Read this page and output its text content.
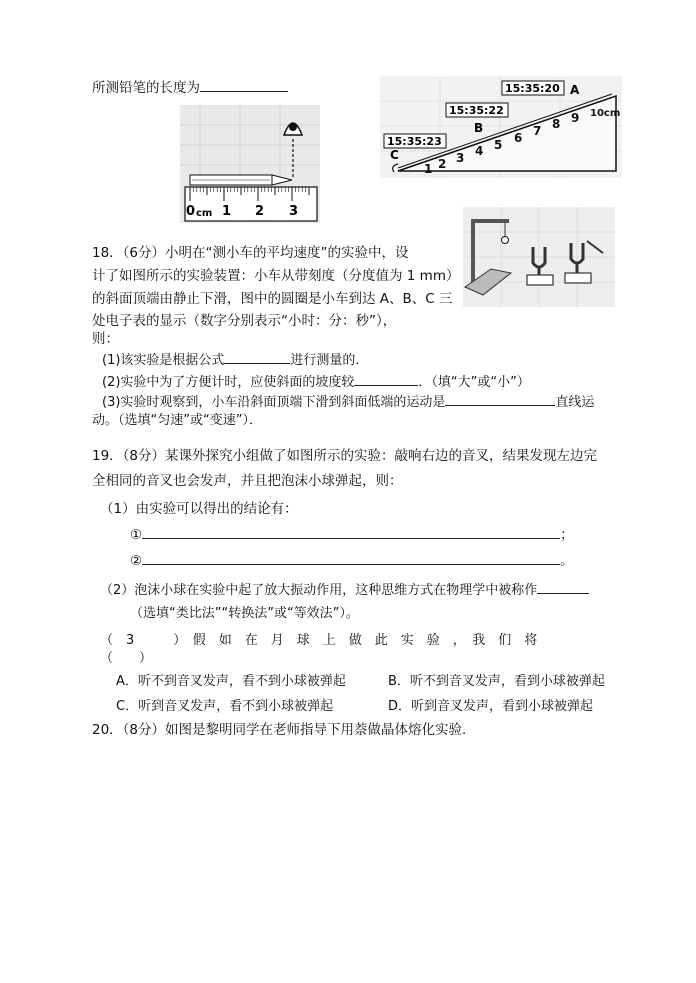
所测铅笔的长度为
0 cm 1 2 3
1 2 3 4 5 6 7 8 9 10cm
15:35:20 A
15:35:22
B
15:35:23
C
18．（6分）小明在“测小车的平均速度”的实验中，设
计了如图所示的实验装置：小车从带刻度（分度值为 1 mm）
的斜面顶端由静止下滑，图中的圆圈是小车到达 A、B、C 三
处电子表的显示（数字分别表示“小时：分：秒”），
则：
(1)该实验是根据公式	进行测量的．
(2)实验中为了方便计时，应使斜面的坡度较	．（填“大”或“小”）
(3)实验时观察到，小车沿斜面顶端下滑到斜面低端的运动是	直线运
动。（选填“匀速”或“变速”）．
19．（8分）某课外探究小组做了如图所示的实验：敲响右边的音叉，结果发现左边完
全相同的音叉也会发声，并且把泡沫小球弹起，则：
（1）由实验可以得出的结论有：
①	；
②	。
（2）泡沫小球在实验中起了放大振动作用，这种思维方式在物理学中被称作
（选填“类比法”“转换法”或“等效法”）。
（　3　　　）　假　如　在　月　球　上　做　此　实　验　，　我　们　将
（　　）
A．听不到音叉发声，看不到小球被弹起	B．听不到音叉发声，看到小球被弹起
C．听到音叉发声，看不到小球被弹起	D．听到音叉发声，看到小球被弹起
20．（8分）如图是黎明同学在老师指导下用萘做晶体熔化实验．
